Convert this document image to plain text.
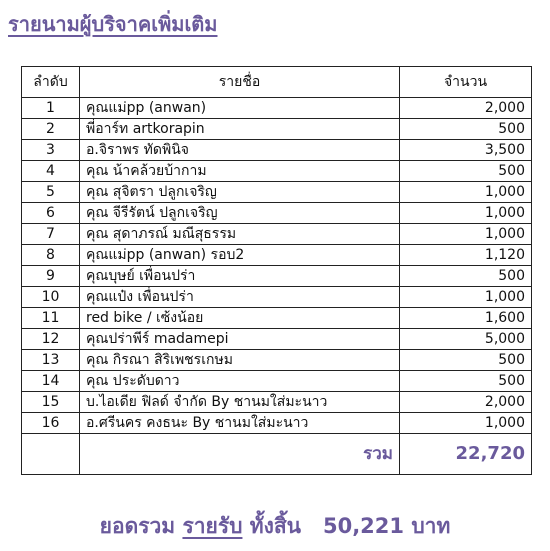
รายนามผู้บริจาคเพิ่มเติม
ลำดับ	รายชื่อ	จำนวน
1	คุณแม่pp (anwan)	2,000
2	พี่อาร์ท artkorapin	500
3	อ.จิราพร ทัดพินิจ	3,500
4	คุณ น้าคล้วยบ้ากาม	500
5	คุณ สุจิตรา ปลูกเจริญ	1,000
6	คุณ จีรีรัตน์ ปลูกเจริญ	1,000
7	คุณ สุดาภรณ์ มณีสุธรรม	1,000
8	คุณแม่pp (anwan) รอบ2	1,120
9	คุณบุษย์ เพื่อนปร่า	500
10	คุณแป๋ง เพื่อนปร่า	1,000
11	red bike / เซ้งน้อย	1,600
12	คุณปร่าพีร์ madamepi	5,000
13	คุณ กิรณา สิริเพชรเกษม	500
14	คุณ ประดับดาว	500
15	บ.ไอเดีย ฟิลด์ จำกัด By ชานมใส่มะนาว	2,000
16	อ.ศรีนคร คงธนะ By ชานมใส่มะนาว	1,000
	รวม	22,720
ยอดรวม รายรับ ทั้งสิ้น 50,221 บาท
